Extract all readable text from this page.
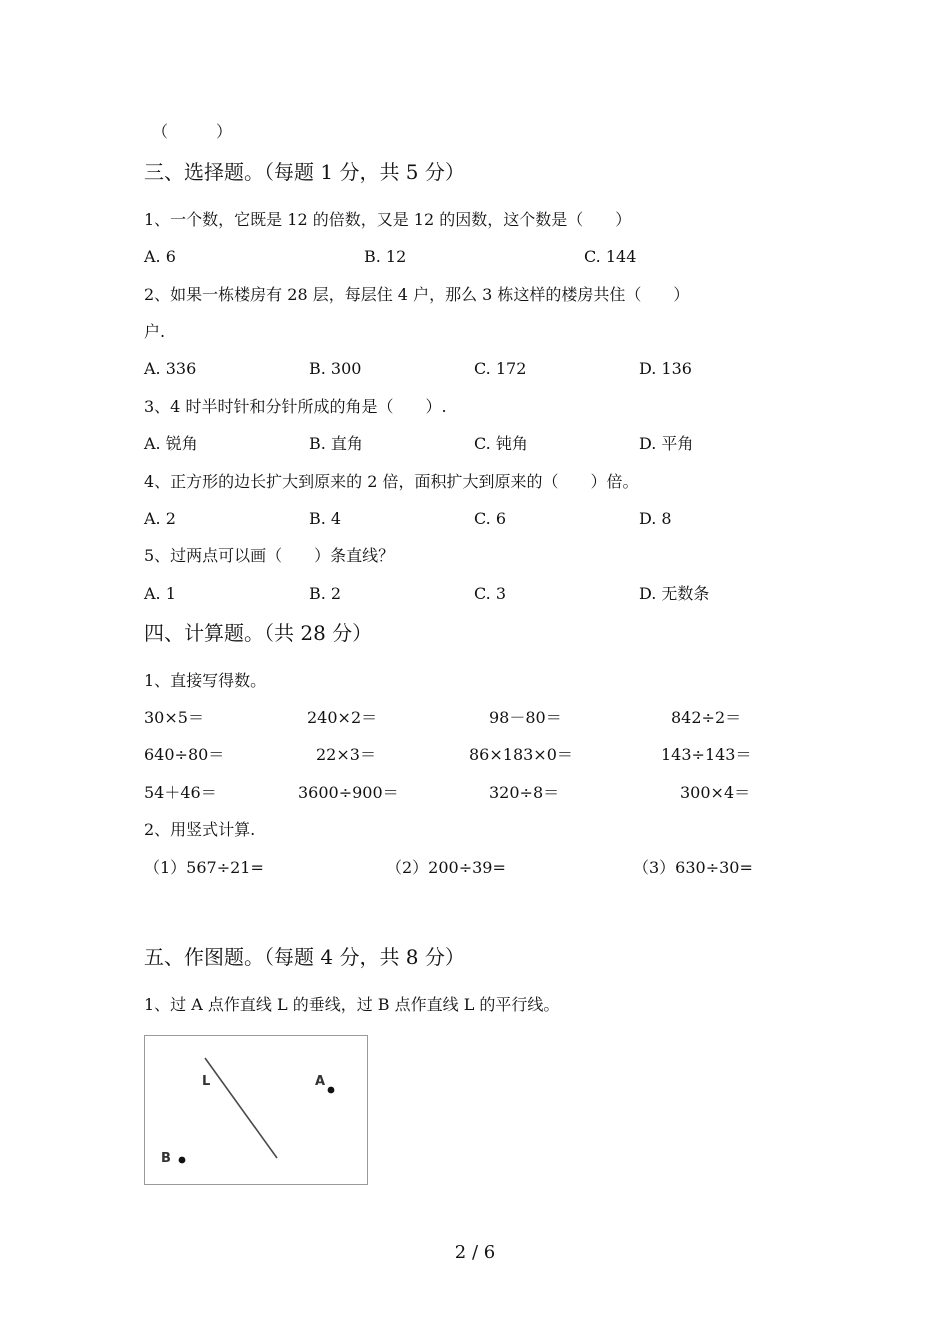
（　　　）
三、选择题。（每题 1 分，共 5 分）
1、一个数，它既是 12 的倍数，又是 12 的因数，这个数是（　　）
A. 6	B. 12	C. 144
2、如果一栋楼房有 28 层，每层住 4 户，那么 3 栋这样的楼房共住（　　）
户.
A. 336	B. 300	C. 172	D. 136
3、4 时半时针和分针所成的角是（　　）.
A. 锐角	B. 直角	C. 钝角	D. 平角
4、正方形的边长扩大到原来的 2 倍，面积扩大到原来的（　　）倍。
A. 2	B. 4	C. 6	D. 8
5、过两点可以画（　　）条直线？
A. 1	B. 2	C. 3	D. 无数条
四、计算题。（共 28 分）
1、直接写得数。
30×5＝	240×2＝	98－80＝	842÷2＝
640÷80＝	22×3＝	86×183×0＝	143÷143＝
54＋46＝	3600÷900＝	320÷8＝	300×4＝
2、用竖式计算.
（1）567÷21=	（2）200÷39=	（3）630÷30=
五、作图题。（每题 4 分，共 8 分）
1、过 A 点作直线 L 的垂线，过 B 点作直线 L 的平行线。
L	A
B
2 / 6
